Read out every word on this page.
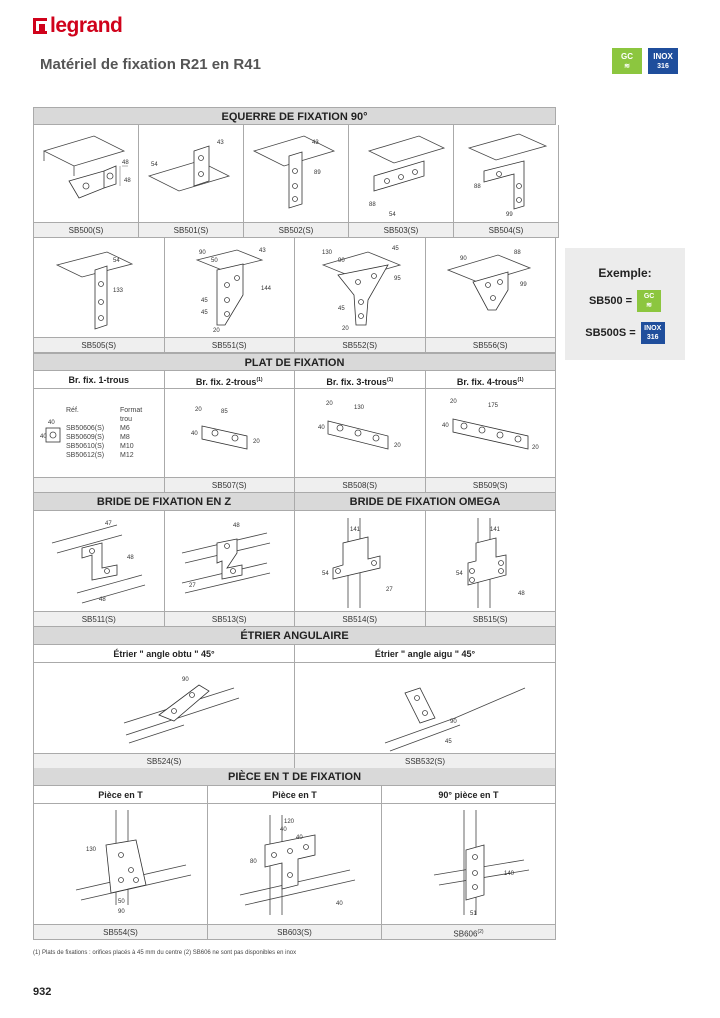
legrand
Matériel de fixation R21 en R41	GC
≋
INOX
316
EQUERRE DE FIXATION 90°
48
48
SB500(S)
54
43
SB501(S)
43
89
SB502(S)
88
54
SB503(S)
88
99
SB504(S)
54
133
SB505(S)
90
50
43
144
45
45
20
SB551(S)
130
90
45
95
45
20
SB552(S)
90
88
99
SB556(S)
PLAT DE FIXATION
Br. fix. 1-trous	Br. fix. 2-trous$^{(1)}$	Br. fix. 3-trous$^{(1)}$	Br. fix. 4-trous$^{(1)}$
40
40
Réf.	Format
trou
SB50606(S)	M6
SB50609(S)	M8
SB50610(S)	M10
SB50612(S)	M12
20	85
40
20
SB507(S)
20
130
40
20
SB508(S)
20
175
40
20
SB509(S)
BRIDE DE FIXATION EN Z	BRIDE DE FIXATION OMEGA
47
48
48
SB511(S)
48
27
SB513(S)
141
54
27
SB514(S)
141
54
48
SB515(S)
ÉTRIER ANGULAIRE
Étrier " angle obtu " 45°	Étrier " angle aigu " 45°
90
SB524(S)
90
45
SSB532(S)
PIÈCE EN T DE FIXATION
Pièce en T	Pièce en T	90° pièce en T
130
50
90
SB554(S)
120
40
40
80
40
SB603(S)
140
51
SB606$^{(2)}$
Exemple:
SB500 = GC
≋
SB500S = INOX
316
(1) Plats de fixations : orifices placés à 45 mm du centre (2) SB606 ne sont pas disponibles en inox
932
